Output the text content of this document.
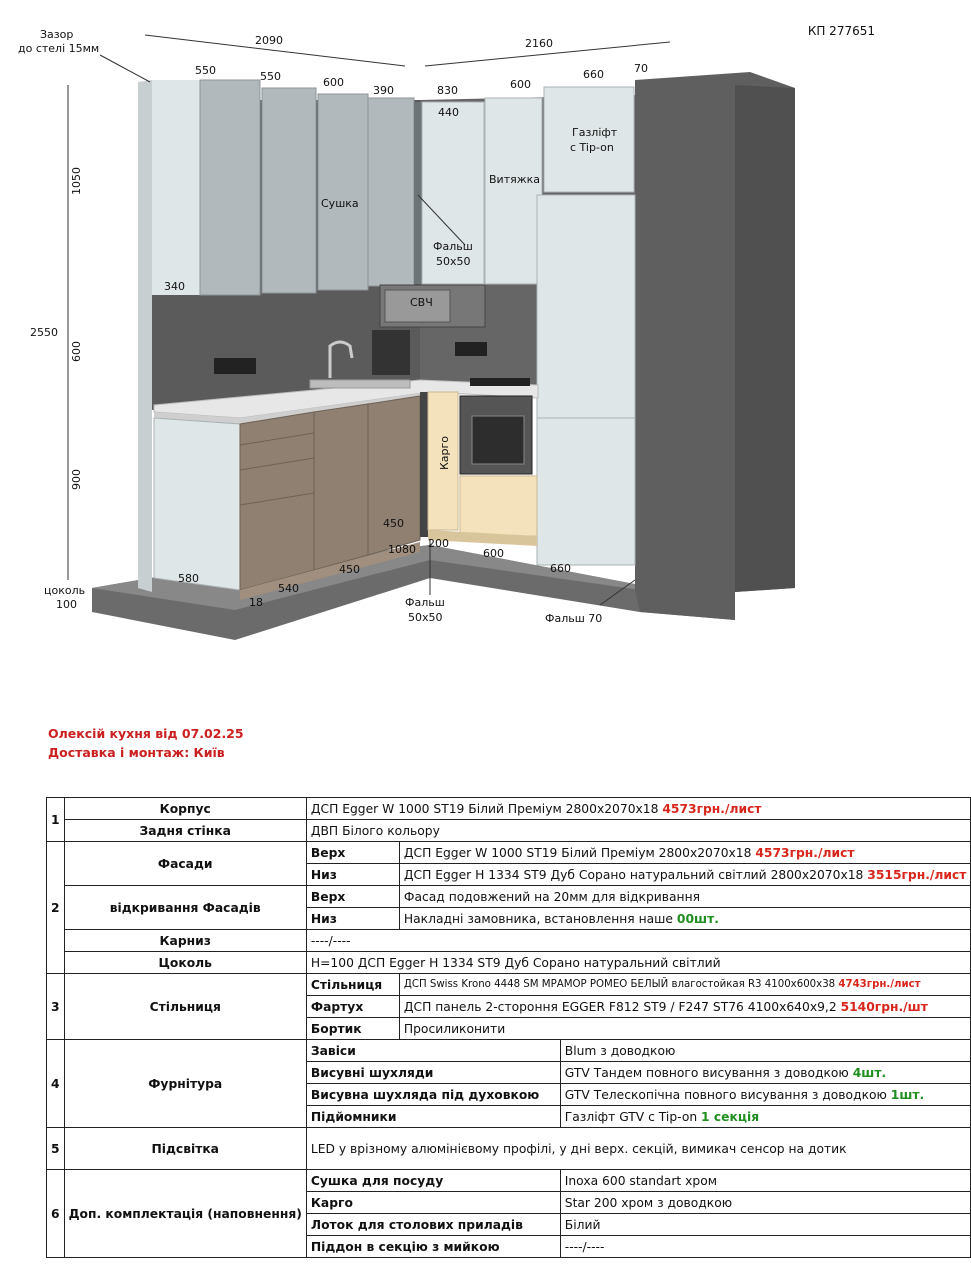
КП 277651
Зазор
до стелі 15мм
2090	2160
550	550	600
390	830	600
660	70
440
1050
2550
600
900
340
Сушка
Витяжка
Газліфт
с Tip-on
Фальш
50х50
СВЧ
Карго
450
1080 200
600
660
580
540
450
18
цоколь
100	Фальш
50х50	Фальш 70
Олексій кухня від 07.02.25
Доставка і монтаж: Київ
1	Корпус	ДСП Egger W 1000 ST19 Білий Преміум 2800х2070х18 4573грн./лист		
	Задня стінка	ДВП Білого кольору		
2	Фасади	Верх	ДСП Egger W 1000 ST19 Білий Преміум 2800х2070х18 4573грн./лист	
		Низ	ДСП Egger H 1334 ST9 Дуб Сорано натуральний світлий 2800х2070х18 3515грн./лист	
	відкривання Фасадів	Верх	Фасад подовжений на 20мм для відкривання	
		Низ	Накладні замовника, встановлення наше 00шт.	
	Карниз	----/----		
	Цоколь	Н=100 ДСП Egger H 1334 ST9 Дуб Сорано натуральний світлий		
3	Стільниця	Стільниця	ДСП Swiss Krono 4448 SM МРАМОР РОМЕО БЕЛЫЙ влагостойкая R3 4100х600х38 4743грн./лист	
		Фартух	ДСП панель 2-стороння EGGER F812 ST9 / F247 ST76 4100х640х9,2 5140грн./шт	
		Бортик	Просиликонити	
4	Фурнітура	Завіси		Blum з доводкою
		Висувні шухляди		GTV Тандем повного висування з доводкою 4шт.
		Висувна шухляда під духовкою		GTV Телескопічна повного висування з доводкою 1шт.
		Підйомники		Газліфт GTV с Tip-on 1 секція
5	Підсвітка	LED у врізному алюмінієвому профілі, у дні верх. секцій, вимикач сенсор на дотик		
6	Доп. комплектація (наповнення)	Сушка для посуду		Inoxa 600 standart хром
		Карго		Star 200 хром з доводкою
		Лоток для столових приладів		Білий
		Піддон в секцію з мийкою		----/----
